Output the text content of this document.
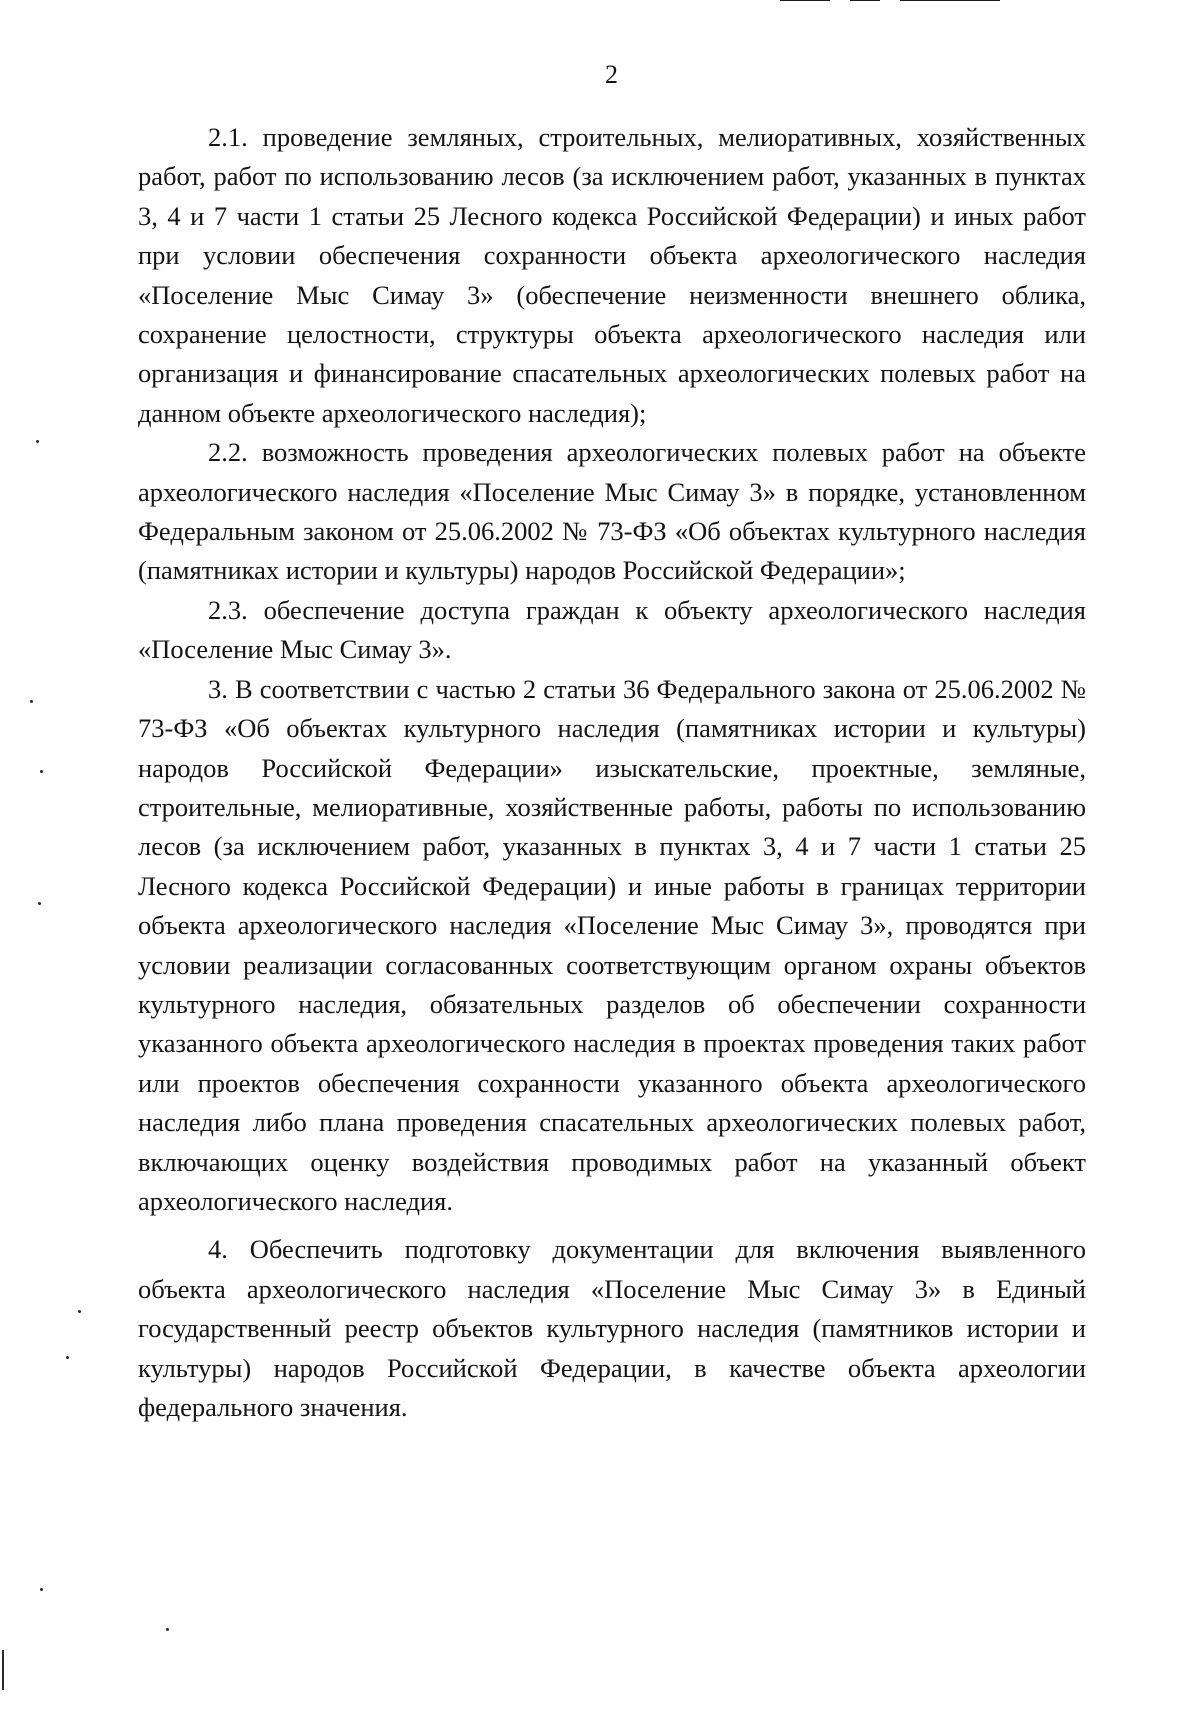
2

2.1. проведение земляных, строительных, мелиоративных, хозяйственных работ, работ по использованию лесов (за исключением работ, указанных в пунктах 3, 4 и 7 части 1 статьи 25 Лесного кодекса Российской Федерации) и иных работ при условии обеспечения сохранности объекта археологического наследия «Поселение Мыс Симау 3» (обеспечение неизменности внешнего облика, сохранение целостности, структуры объекта археологического наследия или организация и финансирование спасательных археологических полевых работ на данном объекте археологического наследия);

2.2. возможность проведения археологических полевых работ на объекте археологического наследия «Поселение Мыс Симау 3» в порядке, установленном Федеральным законом от 25.06.2002 № 73-ФЗ «Об объектах культурного наследия (памятниках истории и культуры) народов Российской Федерации»;

2.3. обеспечение доступа граждан к объекту археологического наследия «Поселение Мыс Симау 3».

3. В соответствии с частью 2 статьи 36 Федерального закона от 25.06.2002 № 73-ФЗ «Об объектах культурного наследия (памятниках истории и культуры) народов Российской Федерации» изыскательские, проектные, земляные, строительные, мелиоративные, хозяйственные работы, работы по использованию лесов (за исключением работ, указанных в пунктах 3, 4 и 7 части 1 статьи 25 Лесного кодекса Российской Федерации) и иные работы в границах территории объекта археологического наследия «Поселение Мыс Симау 3», проводятся при условии реализации согласованных соответствующим органом охраны объектов культурного наследия, обязательных разделов об обеспечении сохранности указанного объекта археологического наследия в проектах проведения таких работ или проектов обеспечения сохранности указанного объекта археологического наследия либо плана проведения спасательных археологических полевых работ, включающих оценку воздействия проводимых работ на указанный объект археологического наследия.

4. Обеспечить подготовку документации для включения выявленного объекта археологического наследия «Поселение Мыс Симау 3» в Единый государственный реестр объектов культурного наследия (памятников истории и культуры) народов Российской Федерации, в качестве объекта археологии федерального значения.
